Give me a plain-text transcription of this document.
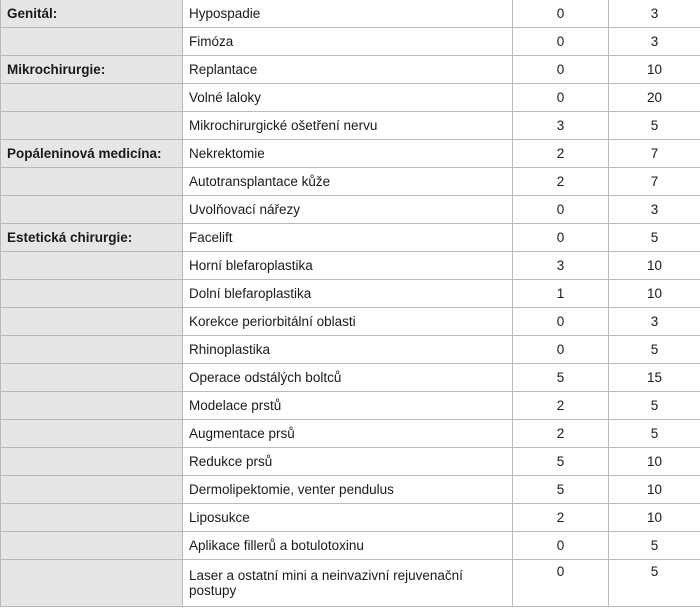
Genitál:	Hypospadie	0	3
	Fimóza	0	3
Mikrochirurgie:	Replantace	0	10
	Volné laloky	0	20
	Mikrochirurgické ošetření nervu	3	5
Popáleninová medicína:	Nekrektomie	2	7
	Autotransplantace kůže	2	7
	Uvolňovací nářezy	0	3
Estetická chirurgie:	Facelift	0	5
	Horní blefaroplastika	3	10
	Dolní blefaroplastika	1	10
	Korekce periorbitální oblasti	0	3
	Rhinoplastika	0	5
	Operace odstálých boltců	5	15
	Modelace prstů	2	5
	Augmentace prsů	2	5
	Redukce prsů	5	10
	Dermolipektomie, venter pendulus	5	10
	Liposukce	2	10
	Aplikace fillerů a botulotoxinu	0	5
	Laser a ostatní mini a neinvazivní rejuvenační postupy	0	5
